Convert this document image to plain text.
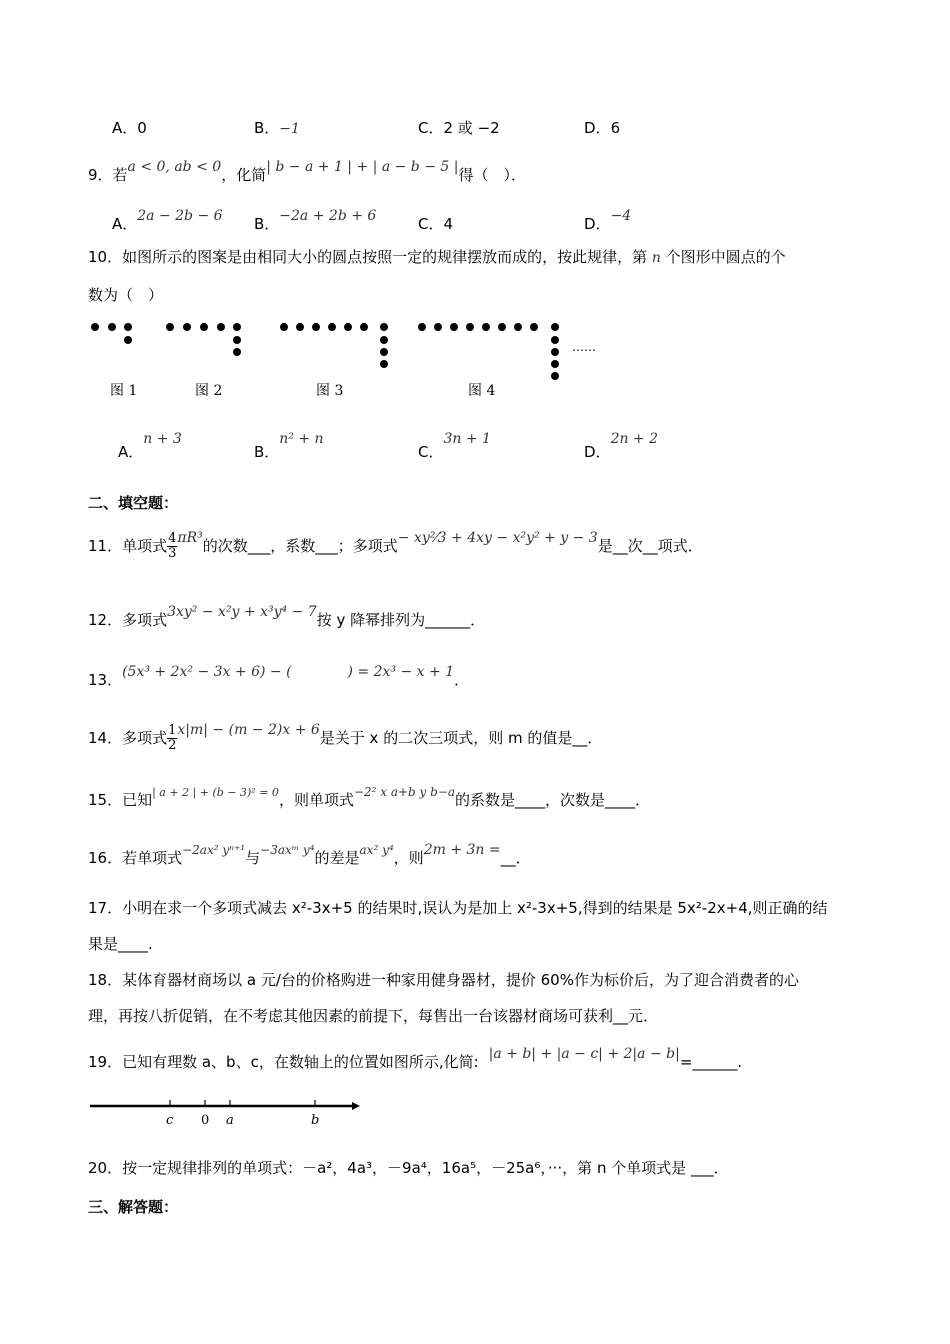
A．0	B．−1	C．2 或 −2	D．6
9．若a < 0, ab < 0，化简| b − a + 1 | + | a − b − 5 |得（　）．
A．2a − 2b − 6 B．−2a + 2b + 6	C．4	D．−4
10．如图所示的图案是由相同大小的圆点按照一定的规律摆放而成的，按此规律，第 n 个图形中圆点的个
数为（　）
……
图 1	图 2	图 3	图 4
A．n + 3
B．n² + n
C．3n + 1
D．2n + 2
二、填空题：
11．单项式 $\frac{4}{3} \pi R^3$的次数___，系数___；多项式− xy²⁄3 + 4xy − x²y² + y − 3是__次__项式．
12．多项式3xy² − x²y + x³y⁴ − 7按 y 降幂排列为______．
13．(5x³ + 2x² − 3x + 6) − (　　　　) = 2x³ − x + 1．
14．多项式 $\frac{1}{2} x|m| - (m - 2)x + 6$是关于 x 的二次三项式，则 m 的值是__．
15．已知$^{| a + 2 | + (b - 3)^2 = 0}$，则单项式$^{-2^2 x a+b y b-a}$的系数是____，次数是____．
16．若单项式$^{-2ax^2 y^{n+1}}$与$^{-3axᵐ y^4}$的差是$^{ax^2 y^4}$，则2m + 3n =__．
17．小明在求一个多项式减去 x²-3x+5 的结果时,误认为是加上 x²-3x+5,得到的结果是 5x²-2x+4,则正确的结
果是____.
18．某体育器材商场以 a 元/台的价格购进一种家用健身器材，提价 60%作为标价后，为了迎合消费者的心
理，再按八折促销，在不考虑其他因素的前提下，每售出一台该器材商场可获利__元．
19．已知有理数 a、b、c，在数轴上的位置如图所示,化简: |a + b| + |a − c| + 2|a − b|=______.
c 0 a	b
20．按一定规律排列的单项式：－a²，4a³，－9a⁴，16a⁵，－25a⁶，···，第 n 个单项式是 ___．
三、解答题：
